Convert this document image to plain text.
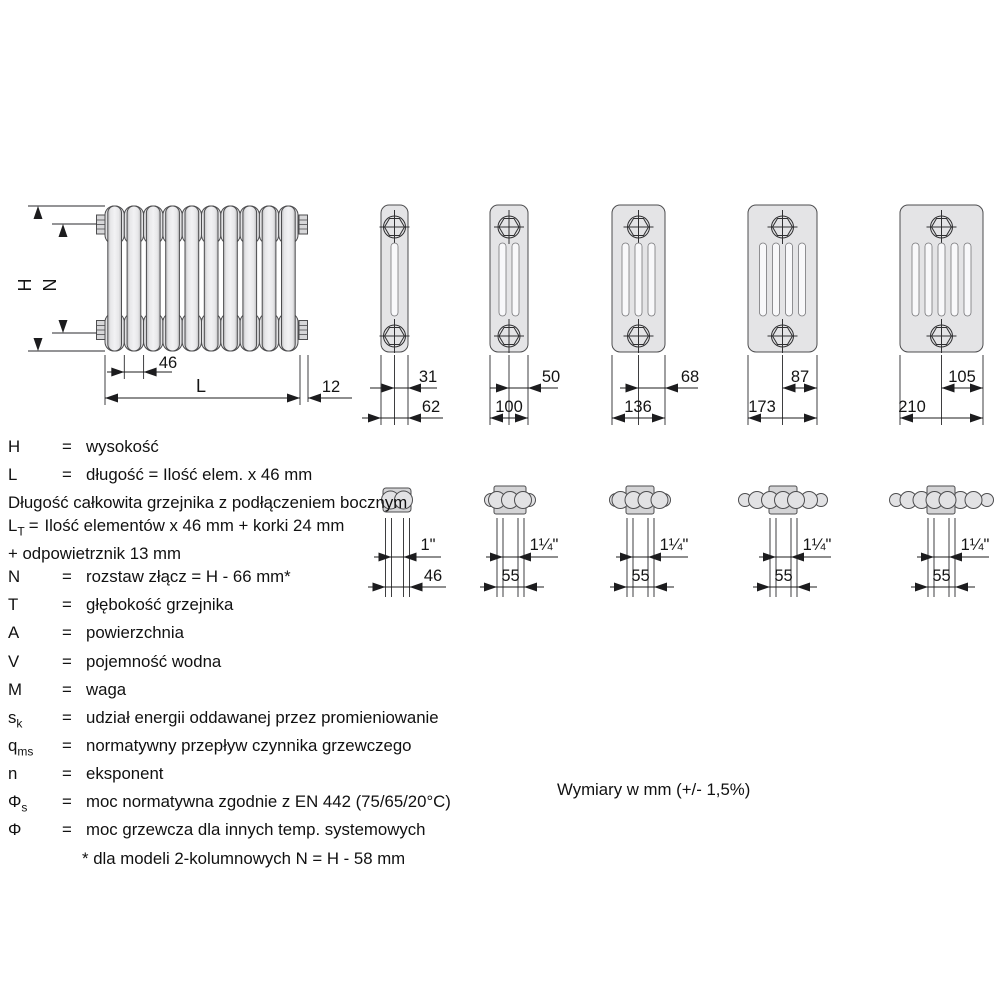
H N
46
L	12
31
62
50
100
68
136
87
173
105
210
1"
46
1¼"
55
1¼"
55
1¼"
55
1¼"
55
H	= wysokość
L	= długość = Ilość elem. x 46 mm
Długość całkowita grzejnika z podłączeniem bocznym
$L_T$ = Ilość elementów x 46 mm + korki 24 mm
+ odpowietrznik 13 mm
N	= rozstaw złącz = H - 66 mm*
T	= głębokość grzejnika
A	= powierzchnia
V	= pojemność wodna
M	= waga
$s_k$	= udział energii oddawanej przez promieniowanie
$q_{ms}$	= normatywny przepływ czynnika grzewczego
n	= eksponent
$\Phi_s$	= moc normatywna zgodnie z EN 442 (75/65/20°C)
Φ	= moc grzewcza dla innych temp. systemowych
* dla modeli 2-kolumnowych N = H - 58 mm
Wymiary w mm (+/- 1,5%)
